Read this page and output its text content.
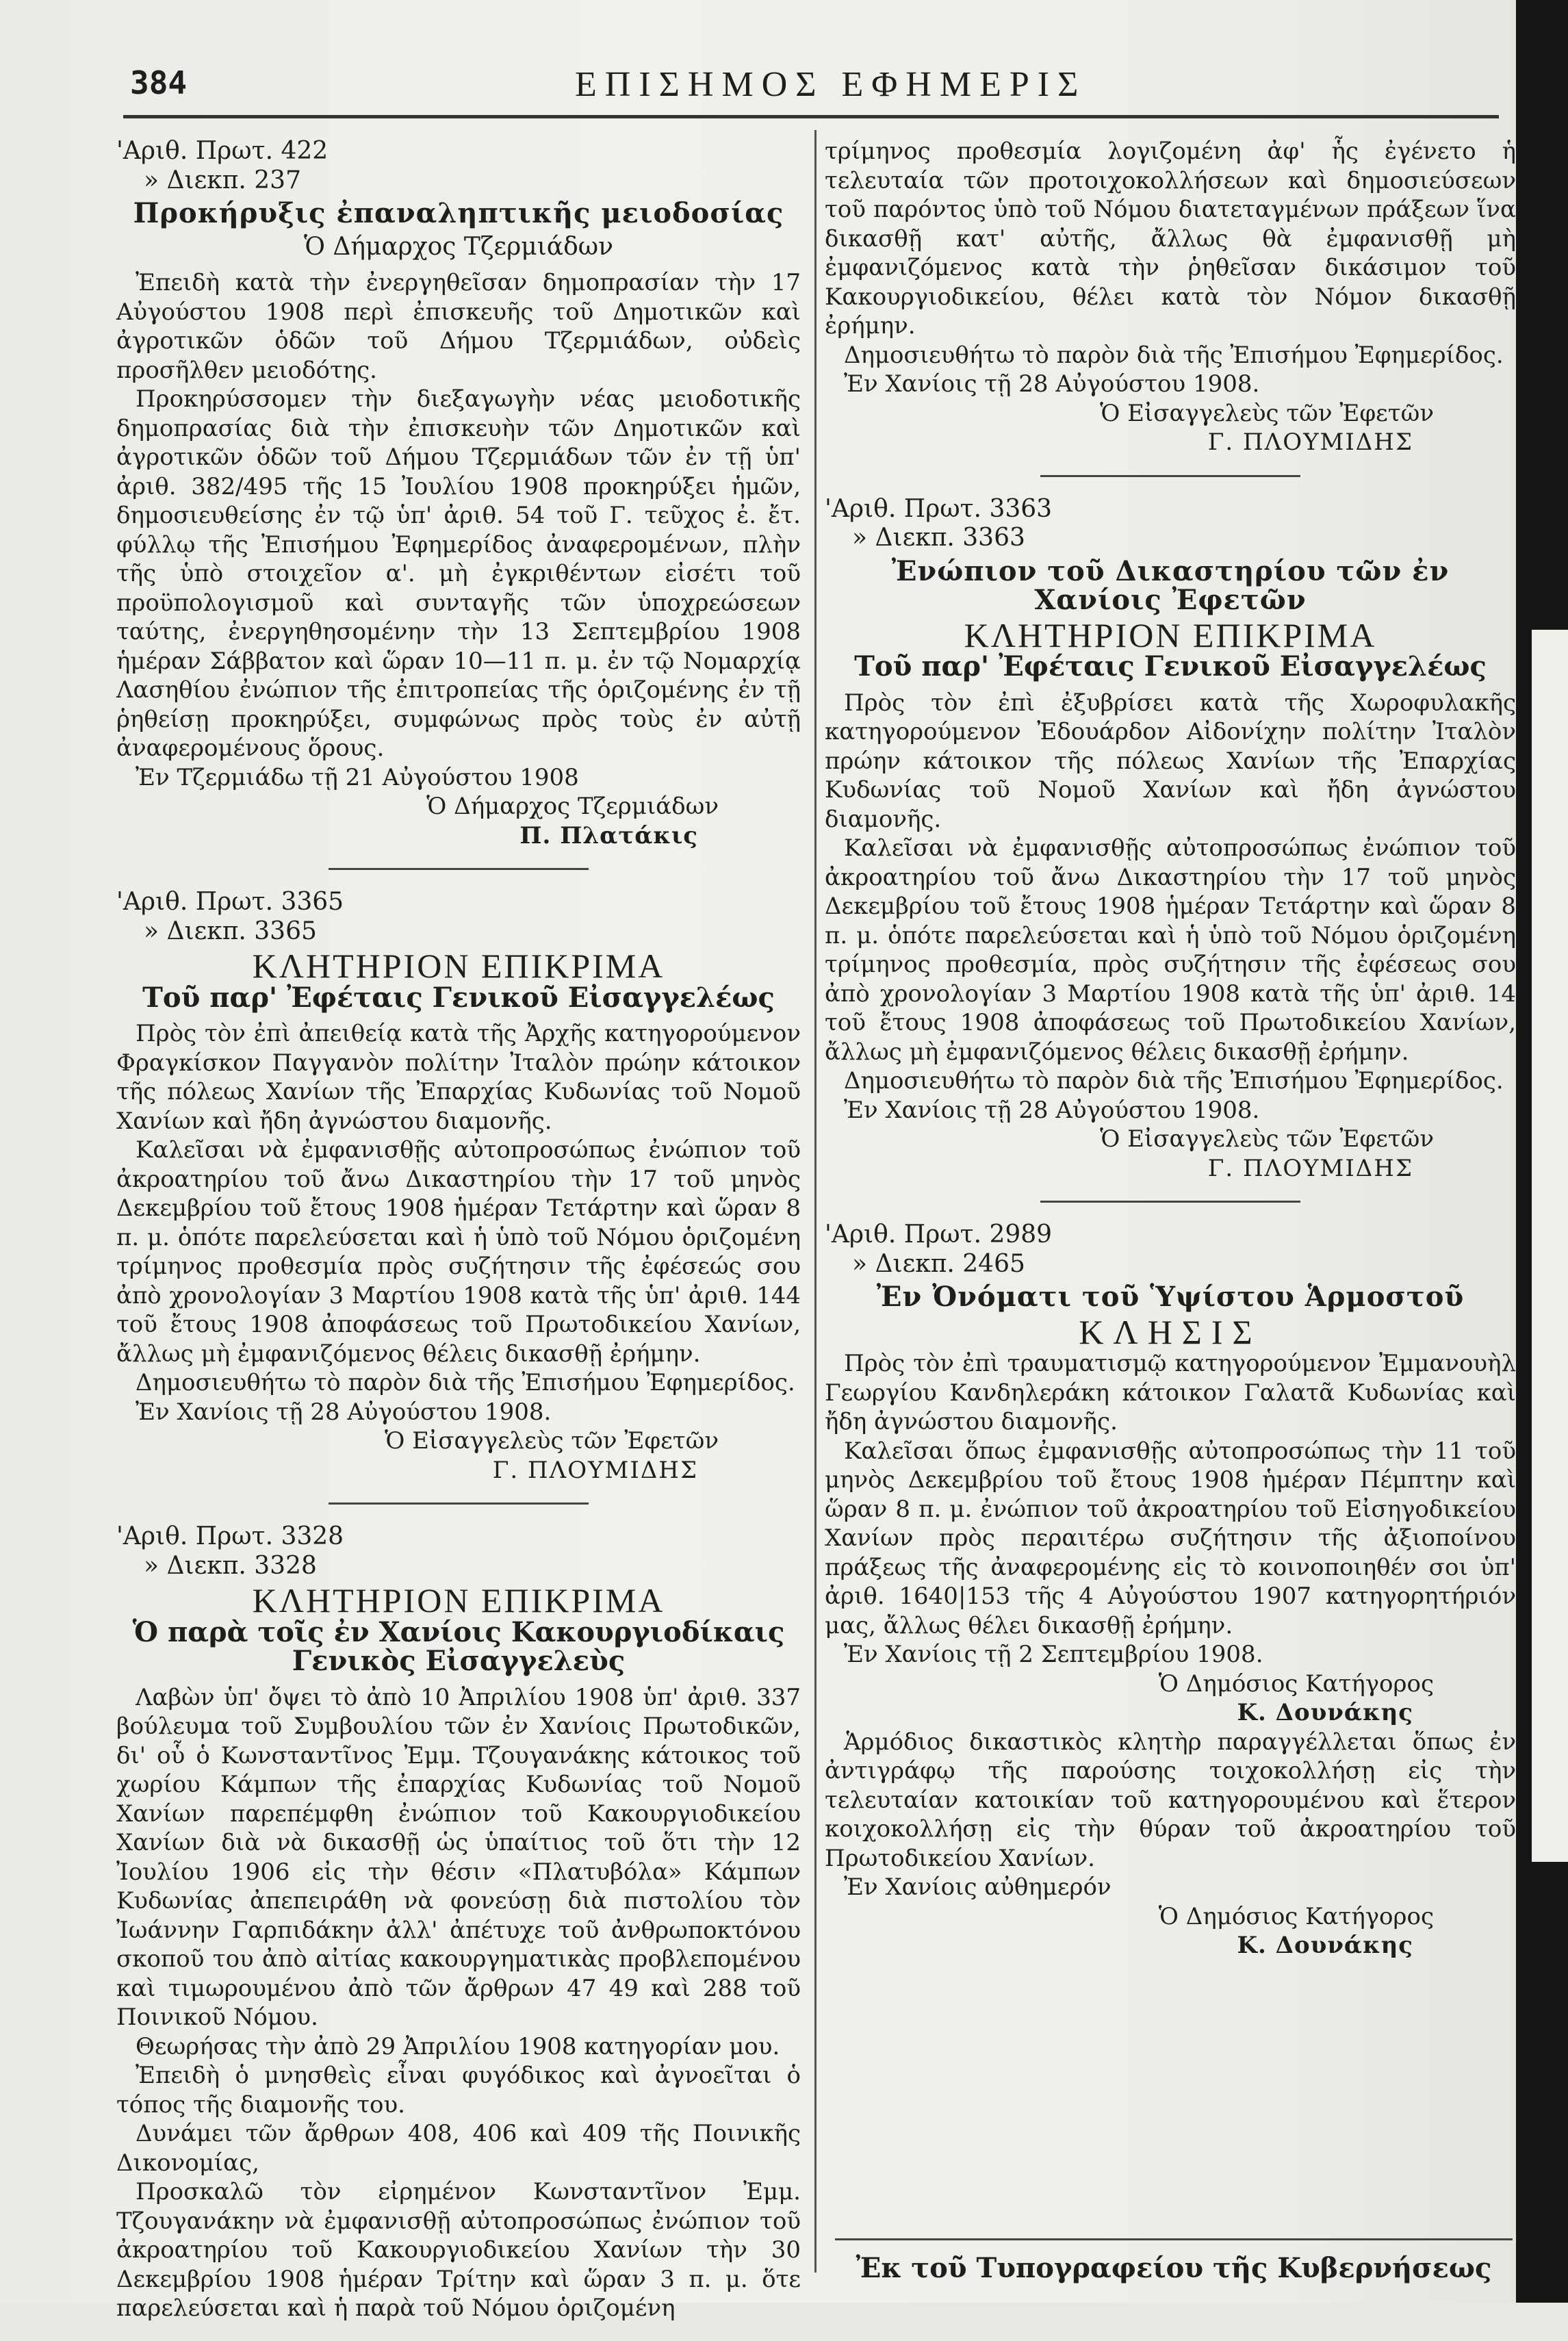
384	ΕΠΙΣΗΜΟΣ ΕΦΗΜΕΡΙΣ
'Αριθ. Πρωτ. 422
» Διεκπ. 237
Προκήρυξις ἐπαναληπτικῆς μειοδοσίας
Ὁ Δήμαρχος Τζερμιάδων

Ἐπειδὴ κατὰ τὴν ἐνεργηθεῖσαν δημοπρασίαν τὴν 17 Αὐγούστου 1908 περὶ ἐπισκευῆς τοῦ Δημοτικῶν καὶ ἀγροτικῶν ὁδῶν τοῦ Δήμου Τζερμιάδων, οὐδεὶς προσῆλθεν μειοδότης.

Προκηρύσσομεν τὴν διεξαγωγὴν νέας μειοδοτικῆς δημοπρασίας διὰ τὴν ἐπισκευὴν τῶν Δημοτικῶν καὶ ἀγροτικῶν ὁδῶν τοῦ Δήμου Τζερμιάδων τῶν ἐν τῇ ὑπ' ἀριθ. 382/495 τῆς 15 Ἰουλίου 1908 προκηρύξει ἡμῶν, δημοσιευθείσης ἐν τῷ ὑπ' ἀριθ. 54 τοῦ Γ. τεῦχος ἐ. ἔτ. φύλλῳ τῆς Ἐπισήμου Ἐφημερίδος ἀναφερομένων, πλὴν τῆς ὑπὸ στοιχεῖον α'. μὴ ἐγκριθέντων εἰσέτι τοῦ προϋπολογισμοῦ καὶ συνταγῆς τῶν ὑποχρεώσεων ταύτης, ἐνεργηθησομένην τὴν 13 Σεπτεμβρίου 1908 ἡμέραν Σάββατον καὶ ὥραν 10—11 π. μ. ἐν τῷ Νομαρχίᾳ Λασηθίου ἐνώπιον τῆς ἐπιτροπείας τῆς ὁριζομένης ἐν τῇ ῥηθείσῃ προκηρύξει, συμφώνως πρὸς τοὺς ἐν αὐτῇ ἀναφερομένους ὅρους.

Ἐν Τζερμιάδω τῇ 21 Αὐγούστου 1908

Ὁ Δήμαρχος Τζερμιάδων
Π. Πλατάκις
'Αριθ. Πρωτ. 3365
» Διεκπ. 3365
ΚΛΗΤΗΡΙΟΝ ΕΠΙΚΡΙΜΑ
Τοῦ παρ' Ἐφέταις Γενικοῦ Εἰσαγγελέως

Πρὸς τὸν ἐπὶ ἀπειθείᾳ κατὰ τῆς Ἀρχῆς κατηγορούμενον Φραγκίσκον Παγγανὸν πολίτην Ἰταλὸν πρώην κάτοικον τῆς πόλεως Χανίων τῆς Ἐπαρχίας Κυδωνίας τοῦ Νομοῦ Χανίων καὶ ἤδη ἀγνώστου διαμονῆς.

Καλεῖσαι νὰ ἐμφανισθῇς αὐτοπροσώπως ἐνώπιον τοῦ ἀκροατηρίου τοῦ ἄνω Δικαστηρίου τὴν 17 τοῦ μηνὸς Δεκεμβρίου τοῦ ἔτους 1908 ἡμέραν Τετάρτην καὶ ὥραν 8 π. μ. ὁπότε παρελεύσεται καὶ ἡ ὑπὸ τοῦ Νόμου ὁριζομένη τρίμηνος προθεσμία πρὸς συζήτησιν τῆς ἐφέσεώς σου ἀπὸ χρονολογίαν 3 Μαρτίου 1908 κατὰ τῆς ὑπ' ἀριθ. 144 τοῦ ἔτους 1908 ἀποφάσεως τοῦ Πρωτοδικείου Χανίων, ἄλλως μὴ ἐμφανιζόμενος θέλεις δικασθῇ ἐρήμην.

Δημοσιευθήτω τὸ παρὸν διὰ τῆς Ἐπισήμου Ἐφημερίδος.

Ἐν Χανίοις τῇ 28 Αὐγούστου 1908.

Ὁ Εἰσαγγελεὺς τῶν Ἐφετῶν
Γ. ΠΛΟΥΜΙΔΗΣ
'Αριθ. Πρωτ. 3328
» Διεκπ. 3328
ΚΛΗΤΗΡΙΟΝ ΕΠΙΚΡΙΜΑ
Ὁ παρὰ τοῖς ἐν Χανίοις Κακουργιοδίκαις Γενικὸς Εἰσαγγελεὺς

Λαβὼν ὑπ' ὄψει τὸ ἀπὸ 10 Ἀπριλίου 1908 ὑπ' ἀριθ. 337 βούλευμα τοῦ Συμβουλίου τῶν ἐν Χανίοις Πρωτοδικῶν, δι' οὗ ὁ Κωνσταντῖνος Ἐμμ. Τζουγανάκης κάτοικος τοῦ χωρίου Κάμπων τῆς ἐπαρχίας Κυδωνίας τοῦ Νομοῦ Χανίων παρεπέμφθη ἐνώπιον τοῦ Κακουργιοδικείου Χανίων διὰ νὰ δικασθῇ ὡς ὑπαίτιος τοῦ ὅτι τὴν 12 Ἰουλίου 1906 εἰς τὴν θέσιν «Πλατυβόλα» Κάμπων Κυδωνίας ἀπεπειράθη νὰ φονεύσῃ διὰ πιστολίου τὸν Ἰωάννην Γαρπιδάκην ἀλλ' ἀπέτυχε τοῦ ἀνθρωποκτόνου σκοποῦ του ἀπὸ αἰτίας κακουργηματικὰς προβλεπομένου καὶ τιμωρουμένου ἀπὸ τῶν ἄρθρων 47 49 καὶ 288 τοῦ Ποινικοῦ Νόμου.

Θεωρήσας τὴν ἀπὸ 29 Ἀπριλίου 1908 κατηγορίαν μου.

Ἐπειδὴ ὁ μνησθεὶς εἶναι φυγόδικος καὶ ἀγνοεῖται ὁ τόπος τῆς διαμονῆς του.

Δυνάμει τῶν ἄρθρων 408, 406 καὶ 409 τῆς Ποινικῆς Δικονομίας,

Προσκαλῶ τὸν εἰρημένον Κωνσταντῖνον Ἐμμ. Τζουγανάκην νὰ ἐμφανισθῇ αὐτοπροσώπως ἐνώπιον τοῦ ἀκροατηρίου τοῦ Κακουργιοδικείου Χανίων τὴν 30 Δεκεμβρίου 1908 ἡμέραν Τρίτην καὶ ὥραν 3 π. μ. ὅτε παρελεύσεται καὶ ἡ παρὰ τοῦ Νόμου ὁριζομένη

τρίμηνος προθεσμία λογιζομένη ἀφ' ἧς ἐγένετο ἡ τελευταία τῶν προτοιχοκολλήσεων καὶ δημοσιεύσεων τοῦ παρόντος ὑπὸ τοῦ Νόμου διατεταγμένων πράξεων ἵνα δικασθῇ κατ' αὐτῆς, ἄλλως θὰ ἐμφανισθῇ μὴ ἐμφανιζόμενος κατὰ τὴν ῥηθεῖσαν δικάσιμον τοῦ Κακουργιοδικείου, θέλει κατὰ τὸν Νόμον δικασθῇ ἐρήμην.

Δημοσιευθήτω τὸ παρὸν διὰ τῆς Ἐπισήμου Ἐφημερίδος.

Ἐν Χανίοις τῇ 28 Αὐγούστου 1908.

Ὁ Εἰσαγγελεὺς τῶν Ἐφετῶν
Γ. ΠΛΟΥΜΙΔΗΣ
'Αριθ. Πρωτ. 3363
» Διεκπ. 3363
Ἐνώπιον τοῦ Δικαστηρίου τῶν ἐν Χανίοις Ἐφετῶν
ΚΛΗΤΗΡΙΟΝ ΕΠΙΚΡΙΜΑ
Τοῦ παρ' Ἐφέταις Γενικοῦ Εἰσαγγελέως

Πρὸς τὸν ἐπὶ ἐξυβρίσει κατὰ τῆς Χωροφυλακῆς κατηγορούμενον Ἐδουάρδον Αἰδονίχην πολίτην Ἰταλὸν πρώην κάτοικον τῆς πόλεως Χανίων τῆς Ἐπαρχίας Κυδωνίας τοῦ Νομοῦ Χανίων καὶ ἤδη ἀγνώστου διαμονῆς.

Καλεῖσαι νὰ ἐμφανισθῇς αὐτοπροσώπως ἐνώπιον τοῦ ἀκροατηρίου τοῦ ἄνω Δικαστηρίου τὴν 17 τοῦ μηνὸς Δεκεμβρίου τοῦ ἔτους 1908 ἡμέραν Τετάρτην καὶ ὥραν 8 π. μ. ὁπότε παρελεύσεται καὶ ἡ ὑπὸ τοῦ Νόμου ὁριζομένη τρίμηνος προθεσμία, πρὸς συζήτησιν τῆς ἐφέσεως σου ἀπὸ χρονολογίαν 3 Μαρτίου 1908 κατὰ τῆς ὑπ' ἀριθ. 14 τοῦ ἔτους 1908 ἀποφάσεως τοῦ Πρωτοδικείου Χανίων, ἄλλως μὴ ἐμφανιζόμενος θέλεις δικασθῇ ἐρήμην.

Δημοσιευθήτω τὸ παρὸν διὰ τῆς Ἐπισήμου Ἐφημερίδος.

Ἐν Χανίοις τῇ 28 Αὐγούστου 1908.

Ὁ Εἰσαγγελεὺς τῶν Ἐφετῶν
Γ. ΠΛΟΥΜΙΔΗΣ
'Αριθ. Πρωτ. 2989
» Διεκπ. 2465
Ἐν Ὀνόματι τοῦ Ὑψίστου Ἁρμοστοῦ
ΚΛΗΣΙΣ

Πρὸς τὸν ἐπὶ τραυματισμῷ κατηγορούμενον Ἐμμανουὴλ Γεωργίου Κανδηλεράκη κάτοικον Γαλατᾶ Κυδωνίας καὶ ἤδη ἀγνώστου διαμονῆς.

Καλεῖσαι ὅπως ἐμφανισθῇς αὐτοπροσώπως τὴν 11 τοῦ μηνὸς Δεκεμβρίου τοῦ ἔτους 1908 ἡμέραν Πέμπτην καὶ ὥραν 8 π. μ. ἐνώπιον τοῦ ἀκροατηρίου τοῦ Εἰσηγοδικείου Χανίων πρὸς περαιτέρω συζήτησιν τῆς ἀξιοποίνου πράξεως τῆς ἀναφερομένης εἰς τὸ κοινοποιηθέν σοι ὑπ' ἀριθ. 1640|153 τῆς 4 Αὐγούστου 1907 κατηγορητήριόν μας, ἄλλως θέλει δικασθῇ ἐρήμην.

Ἐν Χανίοις τῇ 2 Σεπτεμβρίου 1908.

Ὁ Δημόσιος Κατήγορος
Κ. Δουνάκης

Ἁρμόδιος δικαστικὸς κλητὴρ παραγγέλλεται ὅπως ἐν ἀντιγράφῳ τῆς παρούσης τοιχοκολλήσῃ εἰς τὴν τελευταίαν κατοικίαν τοῦ κατηγορουμένου καὶ ἕτερον κοιχοκολλήσῃ εἰς τὴν θύραν τοῦ ἀκροατηρίου τοῦ Πρωτοδικείου Χανίων.

Ἐν Χανίοις αὐθημερόν

Ὁ Δημόσιος Κατήγορος
Κ. Δουνάκης
Ἐκ τοῦ Τυπογραφείου τῆς Κυβερνήσεως
